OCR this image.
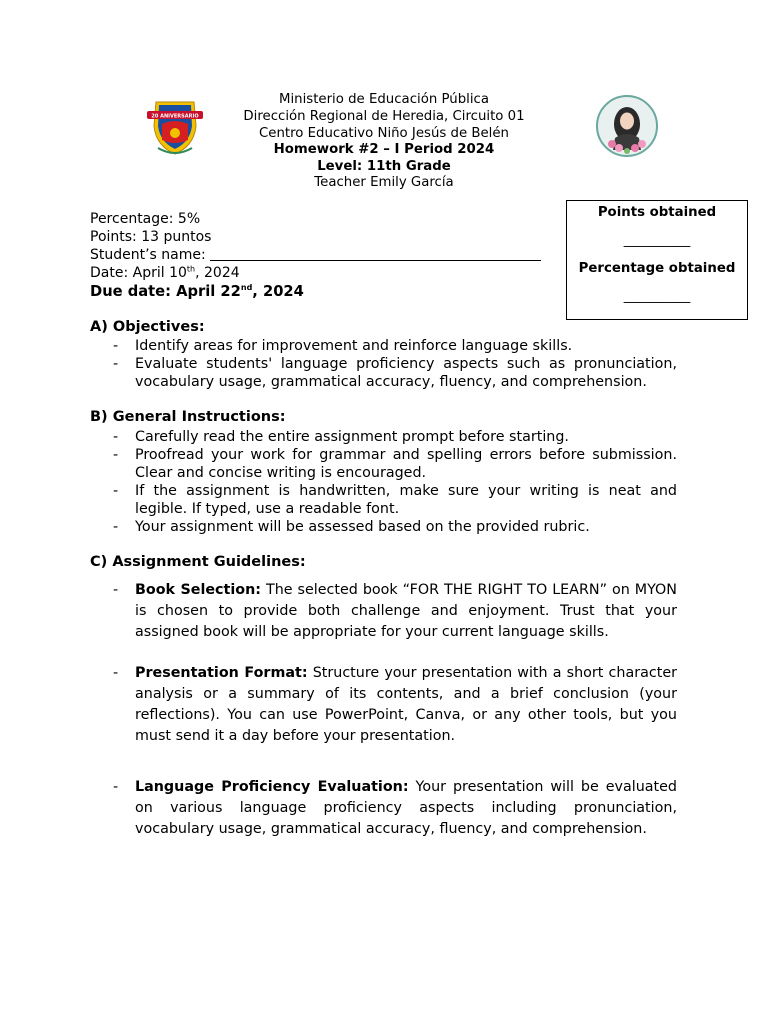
20 ANIVERSARIO
Ministerio de Educación Pública
Dirección Regional de Heredia, Circuito 01
Centro Educativo Niño Jesús de Belén
Homework #2 – I Period 2024
Level: 11th Grade
Teacher Emily García
Points obtained
__________
Percentage obtained
__________
Percentage: 5%
Points: 13 puntos
Student’s name:
Date: April 10th, 2024
Due date: April 22nd, 2024
A) Objectives:
- Identify areas for improvement and reinforce language skills.
- Evaluate students' language proficiency aspects such as pronunciation, vocabulary usage, grammatical accuracy, fluency, and comprehension.
B) General Instructions:
- Carefully read the entire assignment prompt before starting.
- Proofread your work for grammar and spelling errors before submission. Clear and concise writing is encouraged.
- If the assignment is handwritten, make sure your writing is neat and legible. If typed, use a readable font.
- Your assignment will be assessed based on the provided rubric.
C) Assignment Guidelines:
- Book Selection: The selected book “FOR THE RIGHT TO LEARN” on MYON is chosen to provide both challenge and enjoyment. Trust that your assigned book will be appropriate for your current language skills.
- Presentation Format: Structure your presentation with a short character analysis or a summary of its contents, and a brief conclusion (your reflections). You can use PowerPoint, Canva, or any other tools, but you must send it a day before your presentation.
- Language Proficiency Evaluation: Your presentation will be evaluated on various language proficiency aspects including pronunciation, vocabulary usage, grammatical accuracy, fluency, and comprehension.
